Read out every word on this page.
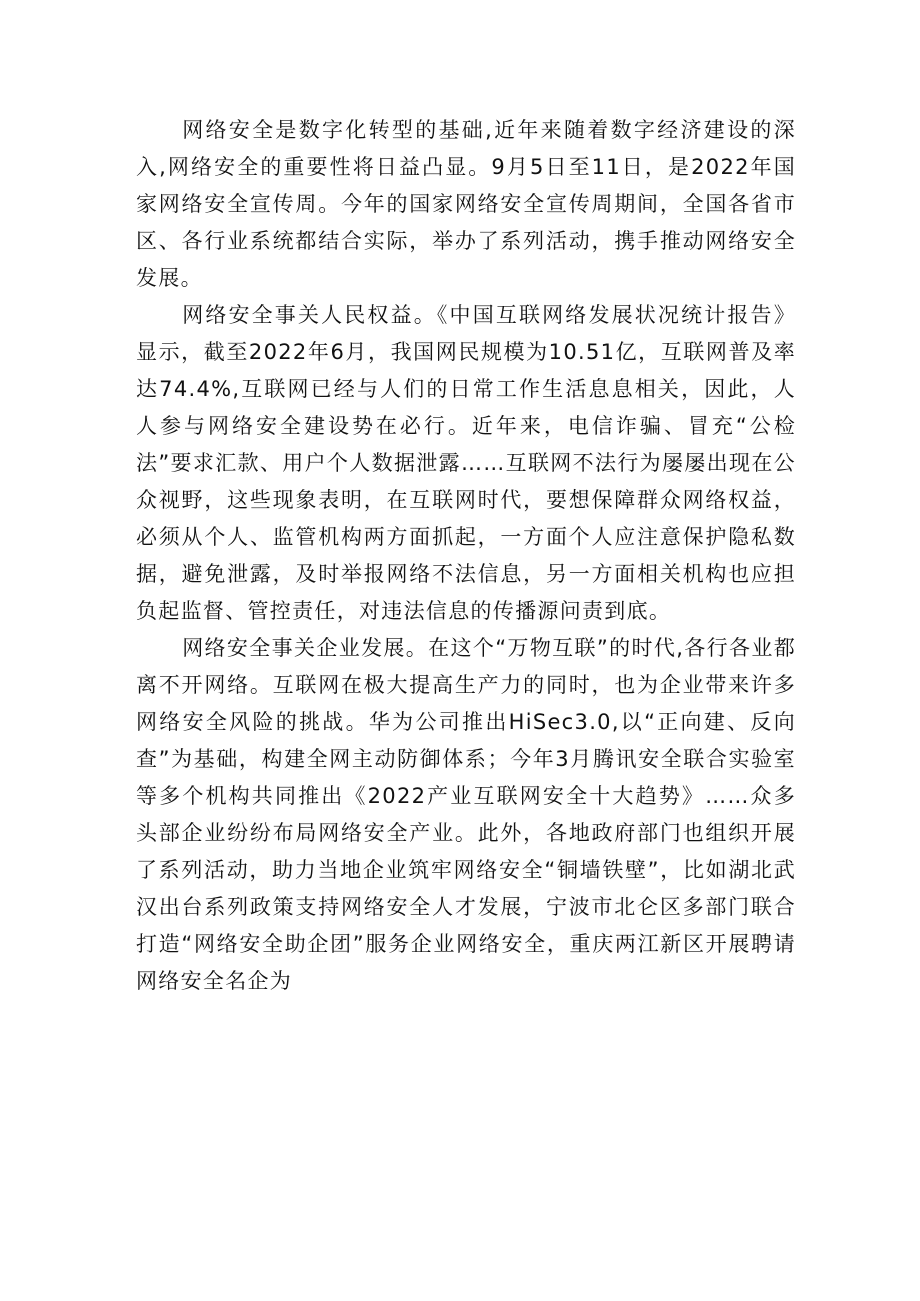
网络安全是数字化转型的基础,近年来随着数字经济建设的深入,网络安全的重要性将日益凸显。9月5日至11日，是2022年国家网络安全宣传周。今年的国家网络安全宣传周期间，全国各省市区、各行业系统都结合实际，举办了系列活动，携手推动网络安全发展。

网络安全事关人民权益。《中国互联网络发展状况统计报告》显示，截至2022年6月，我国网民规模为10.51亿，互联网普及率达74.4%,互联网已经与人们的日常工作生活息息相关，因此，人人参与网络安全建设势在必行。近年来，电信诈骗、冒充“公检法”要求汇款、用户个人数据泄露……互联网不法行为屡屡出现在公众视野，这些现象表明，在互联网时代，要想保障群众网络权益，必须从个人、监管机构两方面抓起，一方面个人应注意保护隐私数据，避免泄露，及时举报网络不法信息，另一方面相关机构也应担负起监督、管控责任，对违法信息的传播源问责到底。

网络安全事关企业发展。在这个“万物互联”的时代,各行各业都离不开网络。互联网在极大提高生产力的同时，也为企业带来许多网络安全风险的挑战。华为公司推出HiSec3.0,以“正向建、反向查”为基础，构建全网主动防御体系；今年3月腾讯安全联合实验室等多个机构共同推出《2022产业互联网安全十大趋势》……众多头部企业纷纷布局网络安全产业。此外，各地政府部门也组织开展了系列活动，助力当地企业筑牢网络安全“铜墙铁壁”，比如湖北武汉出台系列政策支持网络安全人才发展，宁波市北仑区多部门联合打造“网络安全助企团”服务企业网络安全，重庆两江新区开展聘请网络安全名企为
